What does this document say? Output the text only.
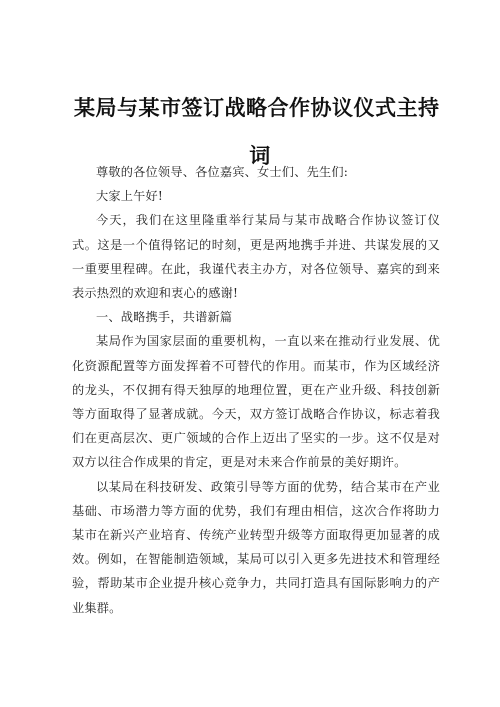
某局与某市签订战略合作协议仪式主持
词

尊敬的各位领导、各位嘉宾、女士们、先生们:

大家上午好!

今天，我们在这里隆重举行某局与某市战略合作协议签订仪式。这是一个值得铭记的时刻，更是两地携手并进、共谋发展的又一重要里程碑。在此，我谨代表主办方，对各位领导、嘉宾的到来表示热烈的欢迎和衷心的感谢!

一、战略携手，共谱新篇

某局作为国家层面的重要机构，一直以来在推动行业发展、优化资源配置等方面发挥着不可替代的作用。而某市，作为区域经济的龙头，不仅拥有得天独厚的地理位置，更在产业升级、科技创新等方面取得了显著成就。今天，双方签订战略合作协议，标志着我们在更高层次、更广领域的合作上迈出了坚实的一步。这不仅是对双方以往合作成果的肯定，更是对未来合作前景的美好期许。

以某局在科技研发、政策引导等方面的优势，结合某市在产业基础、市场潜力等方面的优势，我们有理由相信，这次合作将助力某市在新兴产业培育、传统产业转型升级等方面取得更加显著的成效。例如，在智能制造领域，某局可以引入更多先进技术和管理经验，帮助某市企业提升核心竞争力，共同打造具有国际影响力的产业集群。
